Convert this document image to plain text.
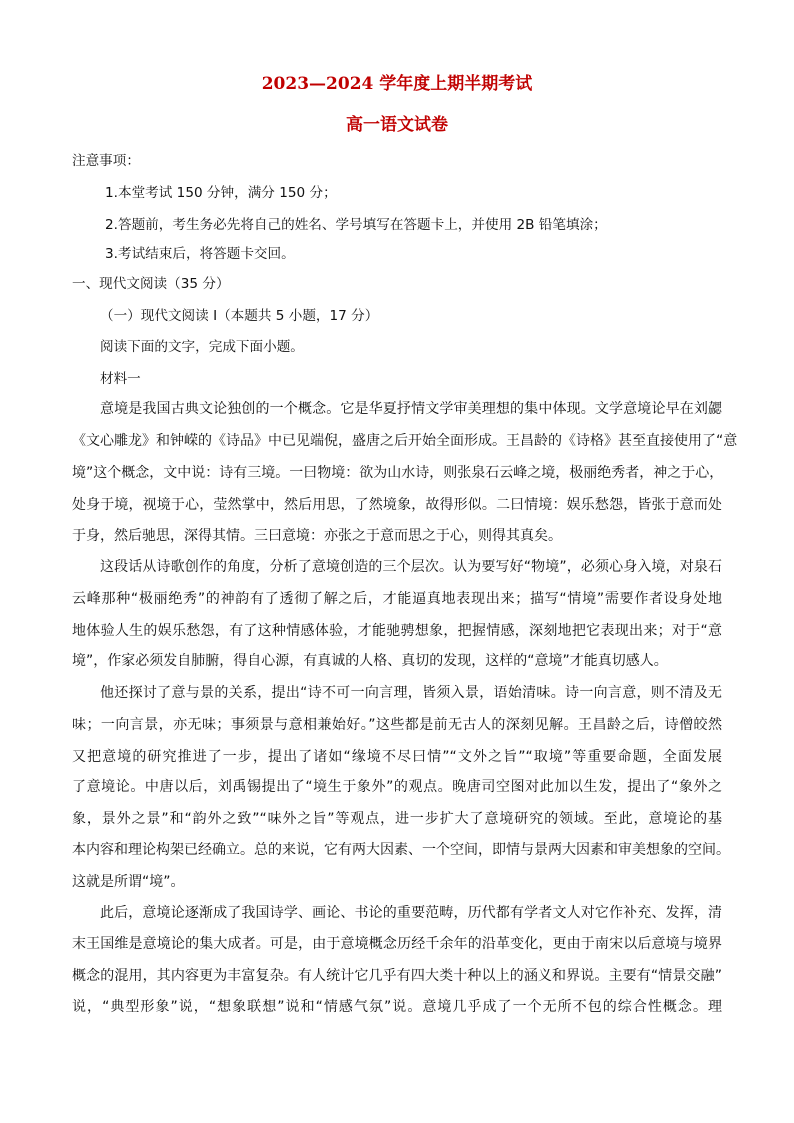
2023—2024 学年度上期半期考试
高一语文试卷
注意事项：
1.本堂考试 150 分钟，满分 150 分；
2.答题前，考生务必先将自己的姓名、学号填写在答题卡上，并使用 2B 铅笔填涂；
3.考试结束后，将答题卡交回。
一、现代文阅读（35 分）
（一）现代文阅读 I（本题共 5 小题，17 分）
阅读下面的文字，完成下面小题。
材料一
意境是我国古典文论独创的一个概念。它是华夏抒情文学审美理想的集中体现。文学意境论早在刘勰
《文心雕龙》和钟嵘的《诗品》中已见端倪，盛唐之后开始全面形成。王昌龄的《诗格》甚至直接使用了“意
境”这个概念，文中说：诗有三境。一曰物境：欲为山水诗，则张泉石云峰之境，极丽绝秀者，神之于心，
处身于境，视境于心，莹然掌中，然后用思，了然境象，故得形似。二曰情境：娱乐愁怨，皆张于意而处
于身，然后驰思，深得其情。三曰意境：亦张之于意而思之于心，则得其真矣。
这段话从诗歌创作的角度，分析了意境创造的三个层次。认为要写好“物境”，必须心身入境，对泉石
云峰那种“极丽绝秀”的神韵有了透彻了解之后，才能逼真地表现出来；描写“情境”需要作者设身处地
地体验人生的娱乐愁怨，有了这种情感体验，才能驰骋想象，把握情感，深刻地把它表现出来；对于“意
境”，作家必须发自肺腑，得自心源，有真诚的人格、真切的发现，这样的“意境”才能真切感人。
他还探讨了意与景的关系，提出“诗不可一向言理，皆须入景，语始清味。诗一向言意，则不清及无
味；一向言景，亦无味；事须景与意相兼始好。”这些都是前无古人的深刻见解。王昌龄之后，诗僧皎然
又把意境的研究推进了一步，提出了诸如“缘境不尽曰情”“文外之旨”“取境”等重要命题，全面发展
了意境论。中唐以后，刘禹锡提出了“境生于象外”的观点。晚唐司空图对此加以生发，提出了“象外之
象，景外之景”和“韵外之致”“味外之旨”等观点，进一步扩大了意境研究的领域。至此，意境论的基
本内容和理论构架已经确立。总的来说，它有两大因素、一个空间，即情与景两大因素和审美想象的空间。
这就是所谓“境”。
此后，意境论逐渐成了我国诗学、画论、书论的重要范畴，历代都有学者文人对它作补充、发挥，清
末王国维是意境论的集大成者。可是，由于意境概念历经千余年的沿革变化，更由于南宋以后意境与境界
概念的混用，其内容更为丰富复杂。有人统计它几乎有四大类十种以上的涵义和界说。主要有“情景交融”
说，“典型形象”说，“想象联想”说和“情感气氛”说。意境几乎成了一个无所不包的综合性概念。理
